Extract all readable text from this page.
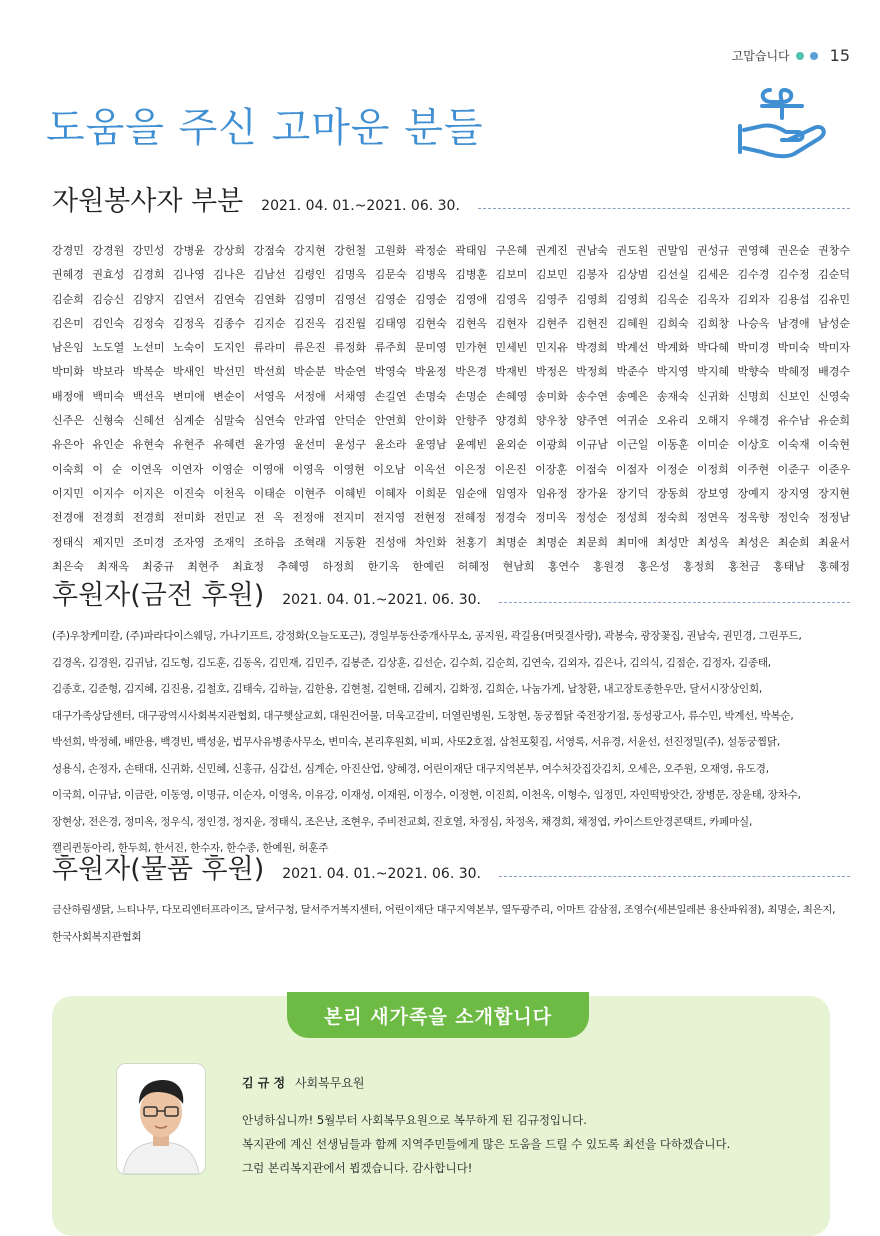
고맙습니다	15
도움을 주신 고마운 분들
자원봉사자 부분 2021. 04. 01.~2021. 06. 30.
강경민 강경원 강민성 강병윤 강상희 강점숙 강지현 강헌철 고원화 곽정순 곽태임 구은혜 권계진 권남숙 권도원 권말임 권성규 권영혜 권은순 권창수
권혜경 권효성 김경희 김나영 김나은 김남선 김령인 김명옥 김문숙 김병옥 김병훈 김보미 김보민 김봉자 김상범 김선실 김세은 김수경 김수정 김순덕
김순희 김승신 김양지 김연서 김연숙 김연화 김영미 김영선 김영순 김영순 김영애 김영옥 김영주 김영희 김영희 김옥순 김옥자 김외자 김용섭 김유민
김은미 김인숙 김정숙 김정옥 김종수 김지순 김진옥 김진월 김태영 김현숙 김현옥 김현자 김현주 김현진 김혜원 김희숙 김희창 나승옥 남경애 남성순
남은임 노도열 노선미 노숙이 도지인 류라미 류은진 류정화 류주희 문미영 민가현 민세빈 민지유 박경희 박계선 박계화 박다혜 박미경 박미숙 박미자
박미화 박보라 박복순 박새인 박선민 박선희 박순분 박순연 박영숙 박윤정 박은경 박재빈 박정은 박정희 박준수 박지영 박지혜 박향숙 박혜정 배경수
배정애 백미숙 백선옥 변미애 변순이 서영옥 서정애 서채영 손길연 손명숙 손명순 손혜영 송미화 송수연 송예은 송재숙 신귀화 신명희 신보인 신영숙
신주은 신형숙 신혜선 심계순 심말숙 심연숙 안과엽 안덕순 안연희 안이화 안향주 양경희 양우창 양주연 여귀순 오유리 오해지 우해경 유수남 유순희
유은아 유인순 유현숙 유현주 유혜련 윤가영 윤선미 윤성구 윤소라 윤영남 윤예빈 윤외순 이광희 이규남 이근일 이동훈 이미순 이상호 이숙재 이숙현
이숙희 이 순 이연옥 이연자 이영순 이영애 이영옥 이영현 이오남 이옥선 이은정 이은진 이장훈 이점숙 이점자 이정순 이정희 이주현 이준구 이준우
이지민 이지수 이지은 이진숙 이천옥 이태순 이현주 이혜빈 이혜자 이희문 임순애 임영자 임유정 장가윤 장기덕 장동희 장보영 장예지 장지영 장지현
전경애 전경희 전경희 전미화 전민교 전 옥 전정애 전지미 전지영 전현정 전혜정 정경숙 정미옥 정성순 정성희 정숙희 정연옥 정옥향 정인숙 정정남
정태식 제지민 조미경 조자영 조재익 조하음 조혁래 지동환 진성애 차인화 천홍기 최명순 최명순 최문희 최미애 최성만 최성옥 최성은 최순희 최윤서
최은숙 최재옥 최중규 최현주 최효정 추혜영 하정희 한기옥 한예린 허혜정 현남희 홍연수 홍원경 홍은성 홍정희 홍천금 홍태남 홍혜정
후원자(금전 후원) 2021. 04. 01.~2021. 06. 30.
(주)우창케미칼, (주)파라다이스웨딩, 가나기프트, 강정화(오늘도포근), 경일부동산중개사무소, 공지원, 곽길용(머릿결사랑), 곽봉숙, 광장꽃집, 권남숙, 권민경, 그린푸드,
김경옥, 김경원, 김귀남, 김도형, 김도훈, 김동옥, 김민재, 김민주, 김봉준, 김상훈, 김선순, 김수희, 김순희, 김연숙, 김외자, 김은나, 김의식, 김점순, 김정자, 김종태,
김종호, 김준형, 김지혜, 김진용, 김철호, 김태숙, 김하늘, 김한용, 김현철, 김현태, 김혜지, 김화정, 김희순, 나눔가게, 남창환, 내고장토종한우만, 달서시장상인회,
대구가족상담센터, 대구광역시사회복지관협회, 대구햇살교회, 대원건어물, 더욱고갈비, 더열린병원, 도창현, 동궁찜닭 죽전장기점, 동성광고사, 류수민, 박계선, 박복순,
박선희, 박정혜, 배만용, 백경빈, 백성윤, 법무사유병종사무소, 변미숙, 본리후원회, 비피, 사또2호점, 삼천포횟집, 서영록, 서유경, 서윤선, 선진정밀(주), 설동궁찜닭,
성용식, 손정자, 손태대, 신귀화, 신민혜, 신홍규, 심갑선, 심계순, 아진산업, 양혜경, 어린이재단 대구지역본부, 여수처갓집갓김치, 오세은, 오주원, 오재영, 유도경,
이국희, 이규남, 이금란, 이동영, 이명규, 이순자, 이영옥, 이유강, 이재성, 이재원, 이정수, 이정현, 이진희, 이천옥, 이형수, 임정민, 자인떡방앗간, 장병문, 장윤태, 장차수,
장현상, 전은경, 정미옥, 정우식, 정인경, 정지윤, 정태식, 조은난, 조현우, 주비전교회, 진호열, 차정심, 차정옥, 채경희, 채정엽, 카이스트안경콘택트, 카페마실,
캘리퀸동아리, 한두희, 한서진, 한수자, 한수종, 한예원, 허훈주
후원자(물품 후원) 2021. 04. 01.~2021. 06. 30.
금산하림생닭, 느티나무, 다모리엔터프라이즈, 달서구청, 달서주거복지센터, 어린이재단 대구지역본부, 열두광주리, 이마트 감삼점, 조영수(세븐일레븐 용산파워점), 최명순, 최은지,
한국사회복지관협회
본리 새가족을 소개합니다
김 규 정 사회복무요원
안녕하십니까! 5월부터 사회복무요원으로 복무하게 된 김규정입니다.
복지관에 계신 선생님들과 함께 지역주민들에게 많은 도움을 드릴 수 있도록 최선을 다하겠습니다.
그럼 본리복지관에서 뵙겠습니다. 감사합니다!
